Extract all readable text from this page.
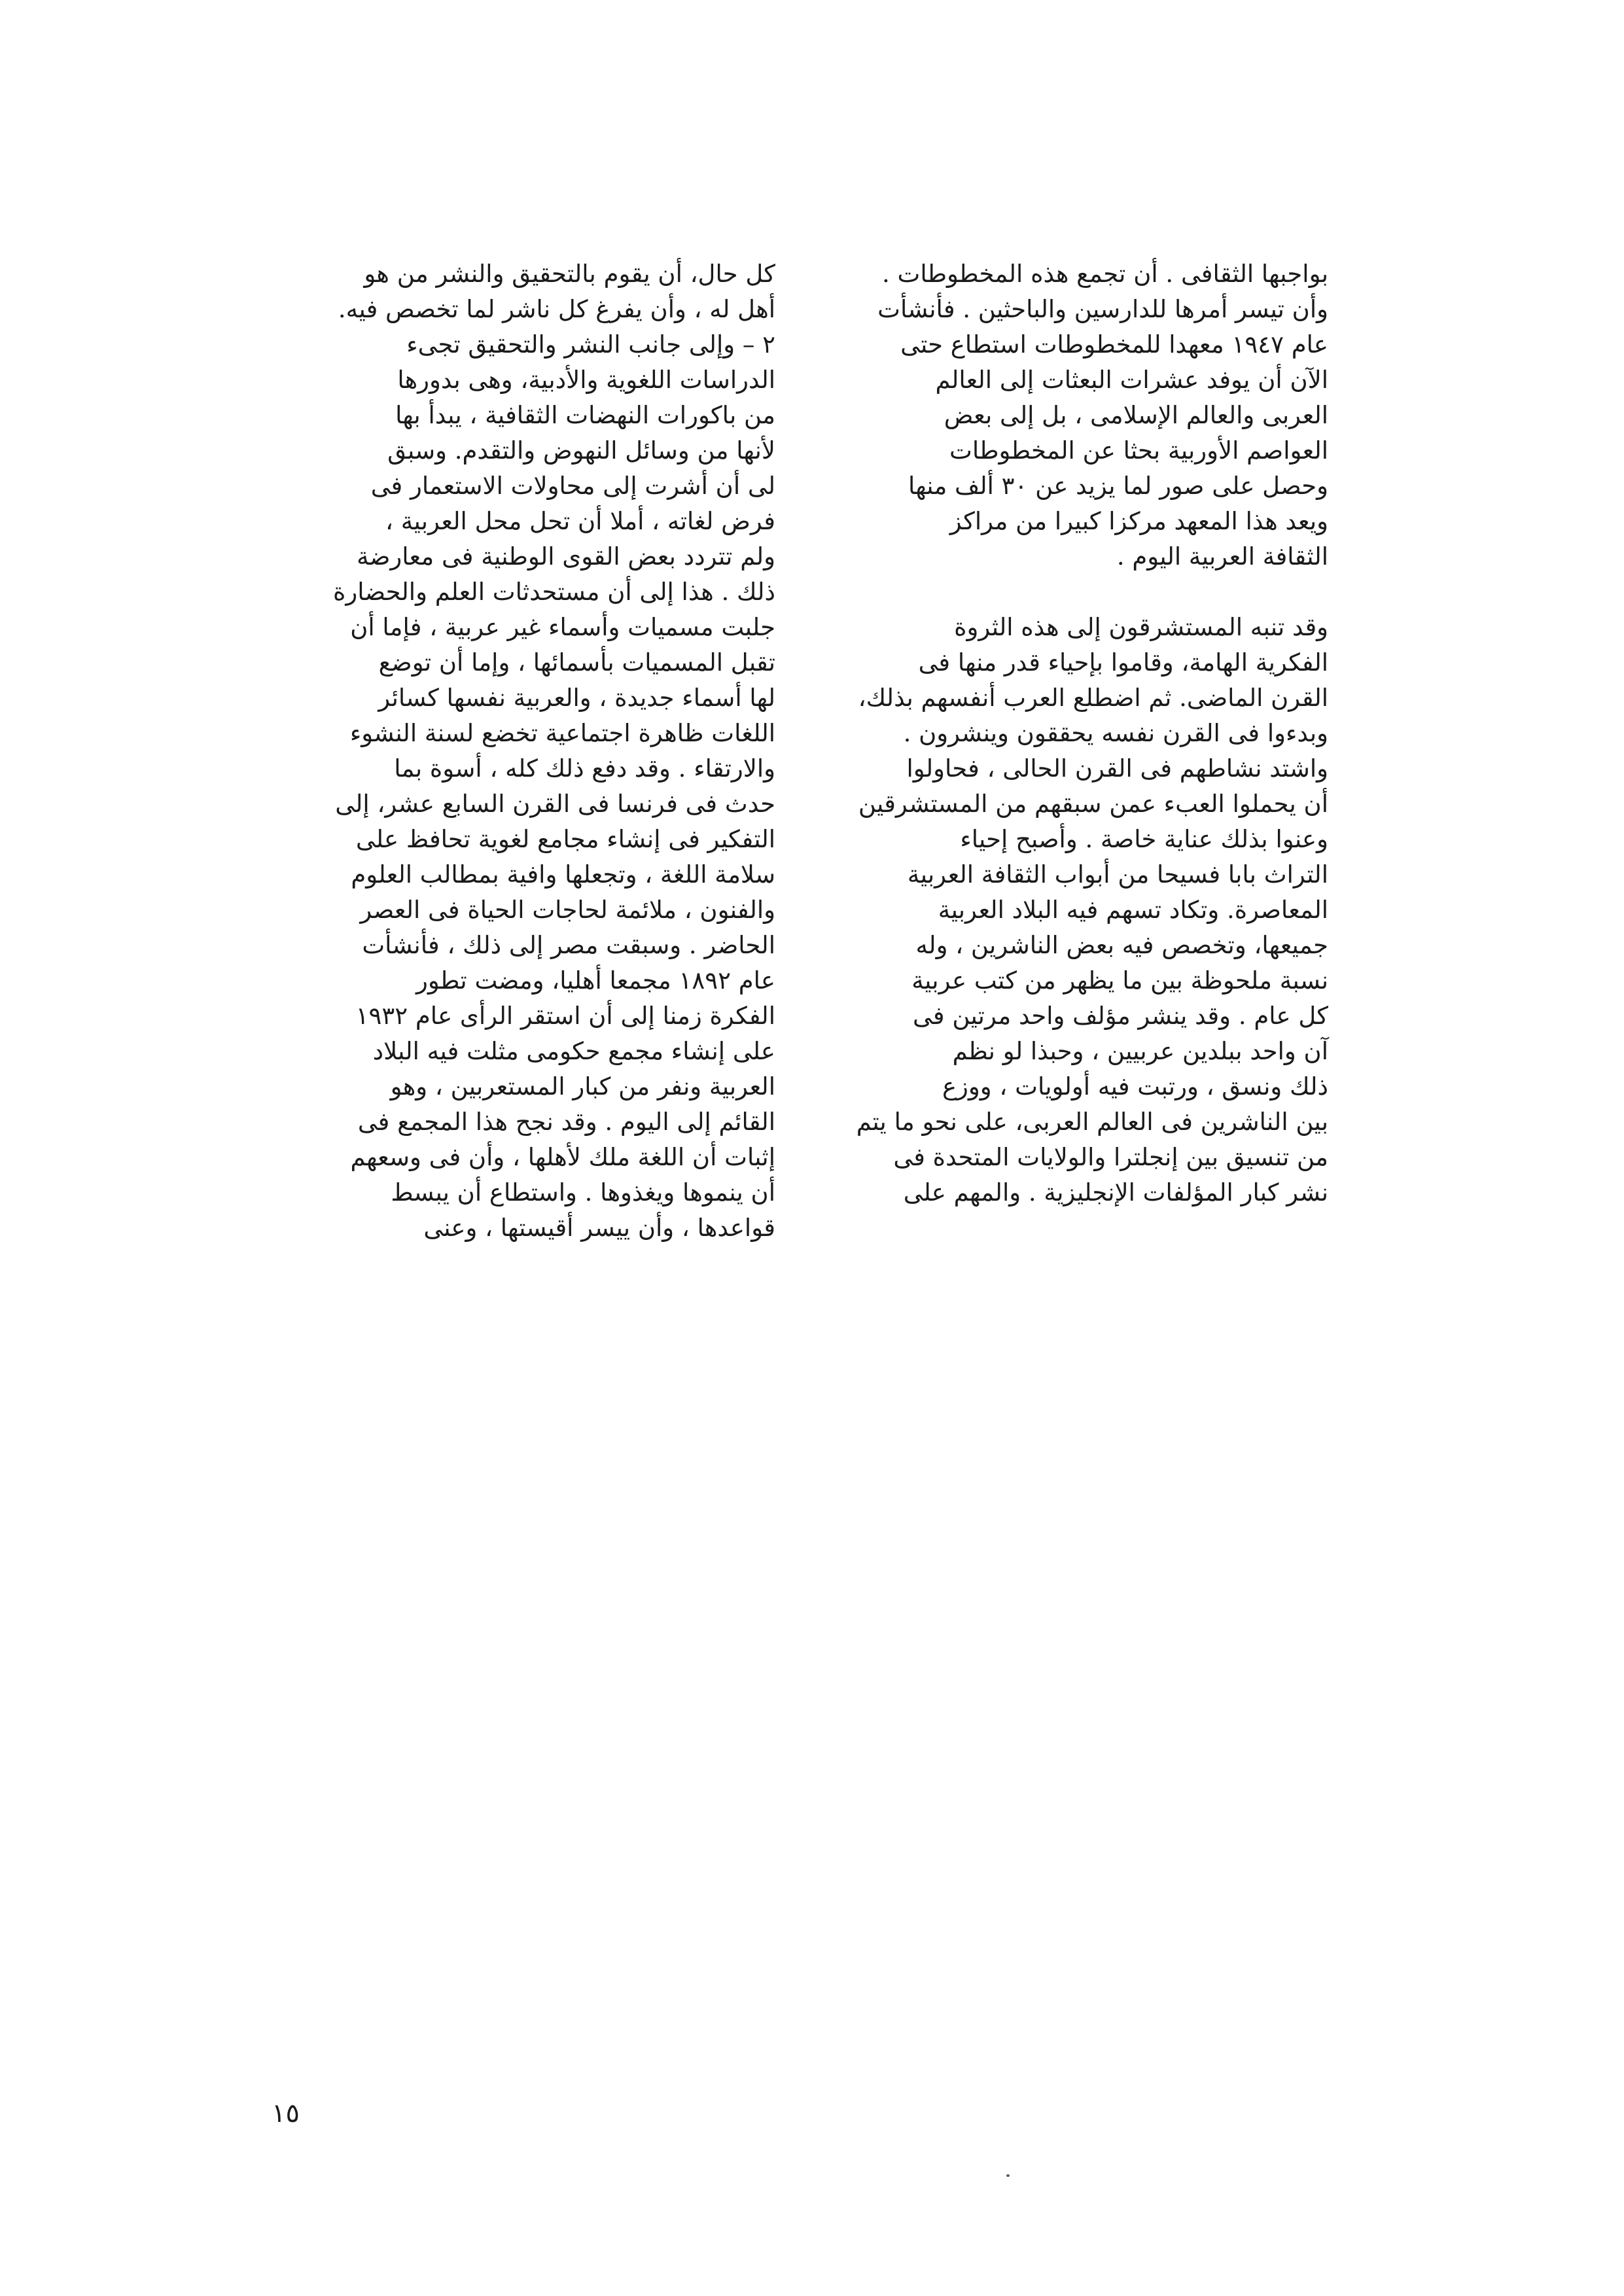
بواجبها الثقافى . أن تجمع هذه المخطوطات .
وأن تيسر أمرها للدارسين والباحثين . فأنشأت
عام ١٩٤٧ معهدا للمخطوطات استطاع حتى
الآن أن يوفد عشرات البعثات إلى العالم
العربى والعالم الإسلامى ، بل إلى بعض
العواصم الأوربية بحثا عن المخطوطات
وحصل على صور لما يزيد عن ٣٠ ألف منها
ويعد هذا المعهد مركزا كبيرا من مراكز
الثقافة العربية اليوم .
وقد تنبه المستشرقون إلى هذه الثروة
الفكرية الهامة، وقاموا بإحياء قدر منها فى
القرن الماضى. ثم اضطلع العرب أنفسهم بذلك،
وبدءوا فى القرن نفسه يحققون وينشرون .
واشتد نشاطهم فى القرن الحالى ، فحاولوا
أن يحملوا العبء عمن سبقهم من المستشرقين
وعنوا بذلك عناية خاصة . وأصبح إحياء
التراث بابا فسيحا من أبواب الثقافة العربية
المعاصرة. وتكاد تسهم فيه البلاد العربية
جميعها، وتخصص فيه بعض الناشرين ، وله
نسبة ملحوظة بين ما يظهر من كتب عربية
كل عام . وقد ينشر مؤلف واحد مرتين فى
آن واحد ببلدين عربيين ، وحبذا لو نظم
ذلك ونسق ، ورتبت فيه أولويات ، ووزع
بين الناشرين فى العالم العربى، على نحو ما يتم
من تنسيق بين إنجلترا والولايات المتحدة فى
نشر كبار المؤلفات الإنجليزية . والمهم على
كل حال، أن يقوم بالتحقيق والنشر من هو
أهل له ، وأن يفرغ كل ناشر لما تخصص فيه.
٢ – وإلى جانب النشر والتحقيق تجىء
الدراسات اللغوية والأدبية، وهى بدورها
من باكورات النهضات الثقافية ، يبدأ بها
لأنها من وسائل النهوض والتقدم. وسبق
لى أن أشرت إلى محاولات الاستعمار فى
فرض لغاته ، أملا أن تحل محل العربية ،
ولم تتردد بعض القوى الوطنية فى معارضة
ذلك . هذا إلى أن مستحدثات العلم والحضارة
جلبت مسميات وأسماء غير عربية ، فإما أن
تقبل المسميات بأسمائها ، وإما أن توضع
لها أسماء جديدة ، والعربية نفسها كسائر
اللغات ظاهرة اجتماعية تخضع لسنة النشوء
والارتقاء . وقد دفع ذلك كله ، أسوة بما
حدث فى فرنسا فى القرن السابع عشر، إلى
التفكير فى إنشاء مجامع لغوية تحافظ على
سلامة اللغة ، وتجعلها وافية بمطالب العلوم
والفنون ، ملائمة لحاجات الحياة فى العصر
الحاضر . وسبقت مصر إلى ذلك ، فأنشأت
عام ١٨٩٢ مجمعا أهليا، ومضت تطور
الفكرة زمنا إلى أن استقر الرأى عام ١٩٣٢
على إنشاء مجمع حكومى مثلت فيه البلاد
العربية ونفر من كبار المستعربين ، وهو
القائم إلى اليوم . وقد نجح هذا المجمع فى
إثبات أن اللغة ملك لأهلها ، وأن فى وسعهم
أن ينموها ويغذوها . واستطاع أن يبسط
قواعدها ، وأن ييسر أقيستها ، وعنى
١٥
